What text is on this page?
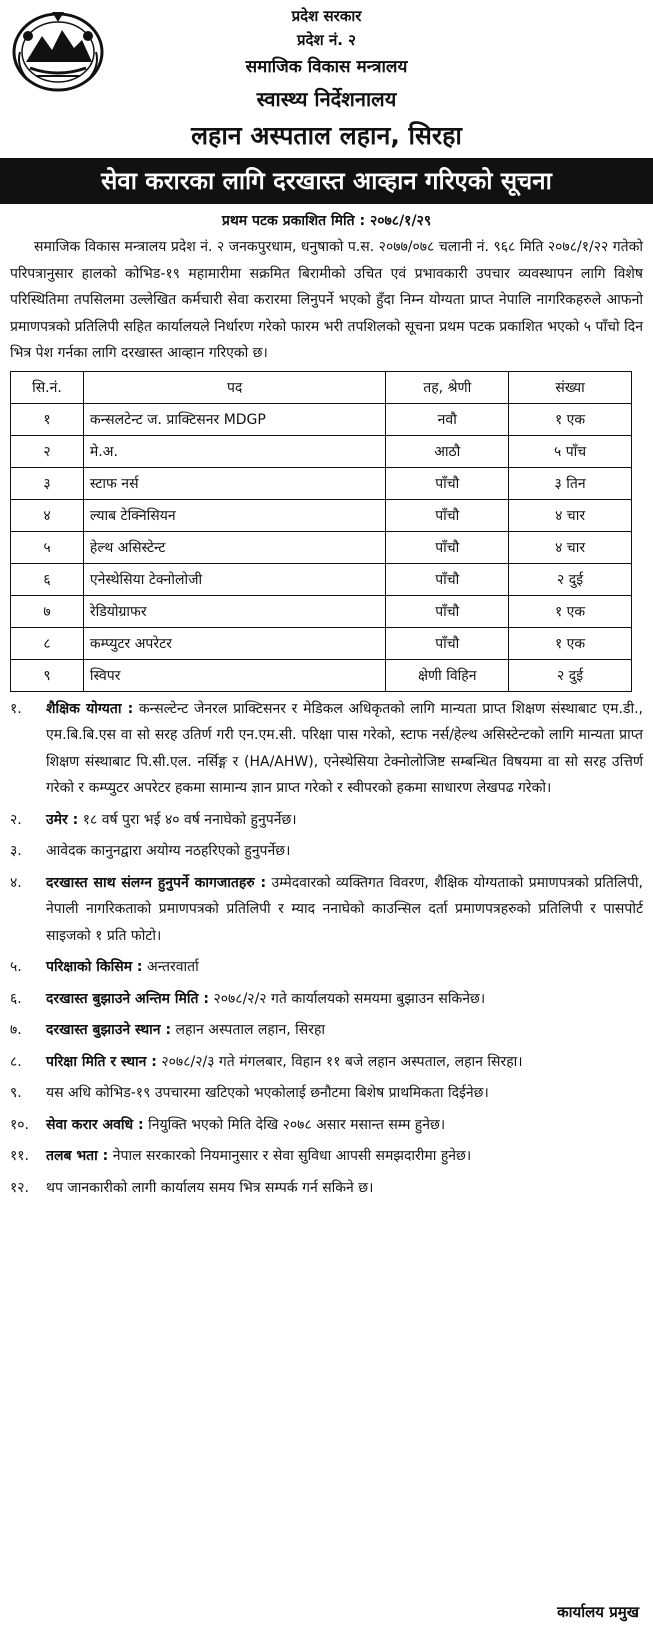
प्रदेश सरकार
प्रदेश नं. २
समाजिक विकास मन्त्रालय
स्वास्थ्य निर्देशनालय
लहान अस्पताल लहान, सिरहा
सेवा करारका लागि दरखास्त आव्हान गरिएको सूचना
प्रथम पटक प्रकाशित मिति : २०७८/१/२९

समाजिक विकास मन्त्रालय प्रदेश नं. २ जनकपुरधाम, धनुषाको प.स. २०७७/०७८ चलानी नं. ९६८ मिति २०७८/१/२२ गतेको परिपत्रानुसार हालको कोभिड-१९ महामारीमा सक्रमित बिरामीको उचित एवं प्रभावकारी उपचार व्यवस्थापन लागि विशेष परिस्थितिमा तपसिलमा उल्लेखित कर्मचारी सेवा करारमा लिनुपर्ने भएको हुँदा निम्न योग्यता प्राप्त नेपालि नागरिकहरुले आफनो प्रमाणपत्रको प्रतिलिपी सहित कार्यालयले निर्धारण गरेको फारम भरी तपशिलको सूचना प्रथम पटक प्रकाशित भएको ५ पाँचो दिन भित्र पेश गर्नका लागि दरखास्त आव्हान गरिएको छ।

सि.नं.	पद	तह, श्रेणी	संख्या
१	कन्सलटेन्ट ज. प्राक्टिसनर MDGP	नवौ	१ एक
२	मे.अ.	आठौ	५ पाँच
३	स्टाफ नर्स	पाँचौ	३ तिन
४	ल्याब टेक्निसियन	पाँचौ	४ चार
५	हेल्थ असिस्टेन्ट	पाँचौ	४ चार
६	एनेस्थेसिया टेक्नोलोजी	पाँचौ	२ दुई
७	रेडियोग्राफर	पाँचौ	१ एक
८	कम्प्युटर अपरेटर	पाँचौ	१ एक
९	स्विपर	क्षेणी विहिन	२ दुई
१.	शैक्षिक योग्यता : कन्सल्टेन्ट जेनरल प्राक्टिसनर र मेडिकल अधिकृतको लागि मान्यता प्राप्त शिक्षण संस्थाबाट एम.डी., एम.बि.बि.एस वा सो सरह उतिर्ण गरी एन.एम.सी. परिक्षा पास गरेको, स्टाफ नर्स/हेल्थ असिस्टेन्टको लागि मान्यता प्राप्त शिक्षण संस्थाबाट पि.सी.एल. नर्सिङ्ग र (HA/AHW), एनेस्थेसिया टेक्नोलोजिष्ट सम्बन्धित विषयमा वा सो सरह उत्तिर्ण गरेको र कम्प्युटर अपरेटर हकमा सामान्य ज्ञान प्राप्त गरेको र स्वीपरको हकमा साधारण लेखपढ गरेको।
२.	उमेर : १८ वर्ष पुरा भई ४० वर्ष ननाघेको हुनुपर्नेछ।
३.	आवेदक कानुनद्वारा अयोग्य नठहरिएको हुनुपर्नेछ।
४.	दरखास्त साथ संलग्न हुनुपर्ने कागजातहरु : उम्मेदवारको व्यक्तिगत विवरण, शैक्षिक योग्यताको प्रमाणपत्रको प्रतिलिपी, नेपाली नागरिकताको प्रमाणपत्रको प्रतिलिपी र म्याद ननाघेको काउन्सिल दर्ता प्रमाणपत्रहरुको प्रतिलिपी र पासपोर्ट साइजको १ प्रति फोटो।
५.	परिक्षाको किसिम : अन्तरवार्ता
६.	दरखास्त बुझाउने अन्तिम मिति : २०७८/२/२ गते कार्यालयको समयमा बुझाउन सकिनेछ।
७.	दरखास्त बुझाउने स्थान : लहान अस्पताल लहान, सिरहा
८.	परिक्षा मिति र स्थान : २०७८/२/३ गते मंगलबार, विहान ११ बजे लहान अस्पताल, लहान सिरहा।
९.	यस अधि कोभिड-१९ उपचारमा खटिएको भएकोलाई छनौटमा बिशेष प्राथमिकता दिईनेछ।
१०.	सेवा करार अवधि : नियुक्ति भएको मिति देखि २०७८ असार मसान्त सम्म हुनेछ।
११.	तलब भता : नेपाल सरकारको नियमानुसार र सेवा सुविधा आपसी समझदारीमा हुनेछ।
१२.	थप जानकारीको लागी कार्यालय समय भित्र सम्पर्क गर्न सकिने छ।
कार्यालय प्रमुख
